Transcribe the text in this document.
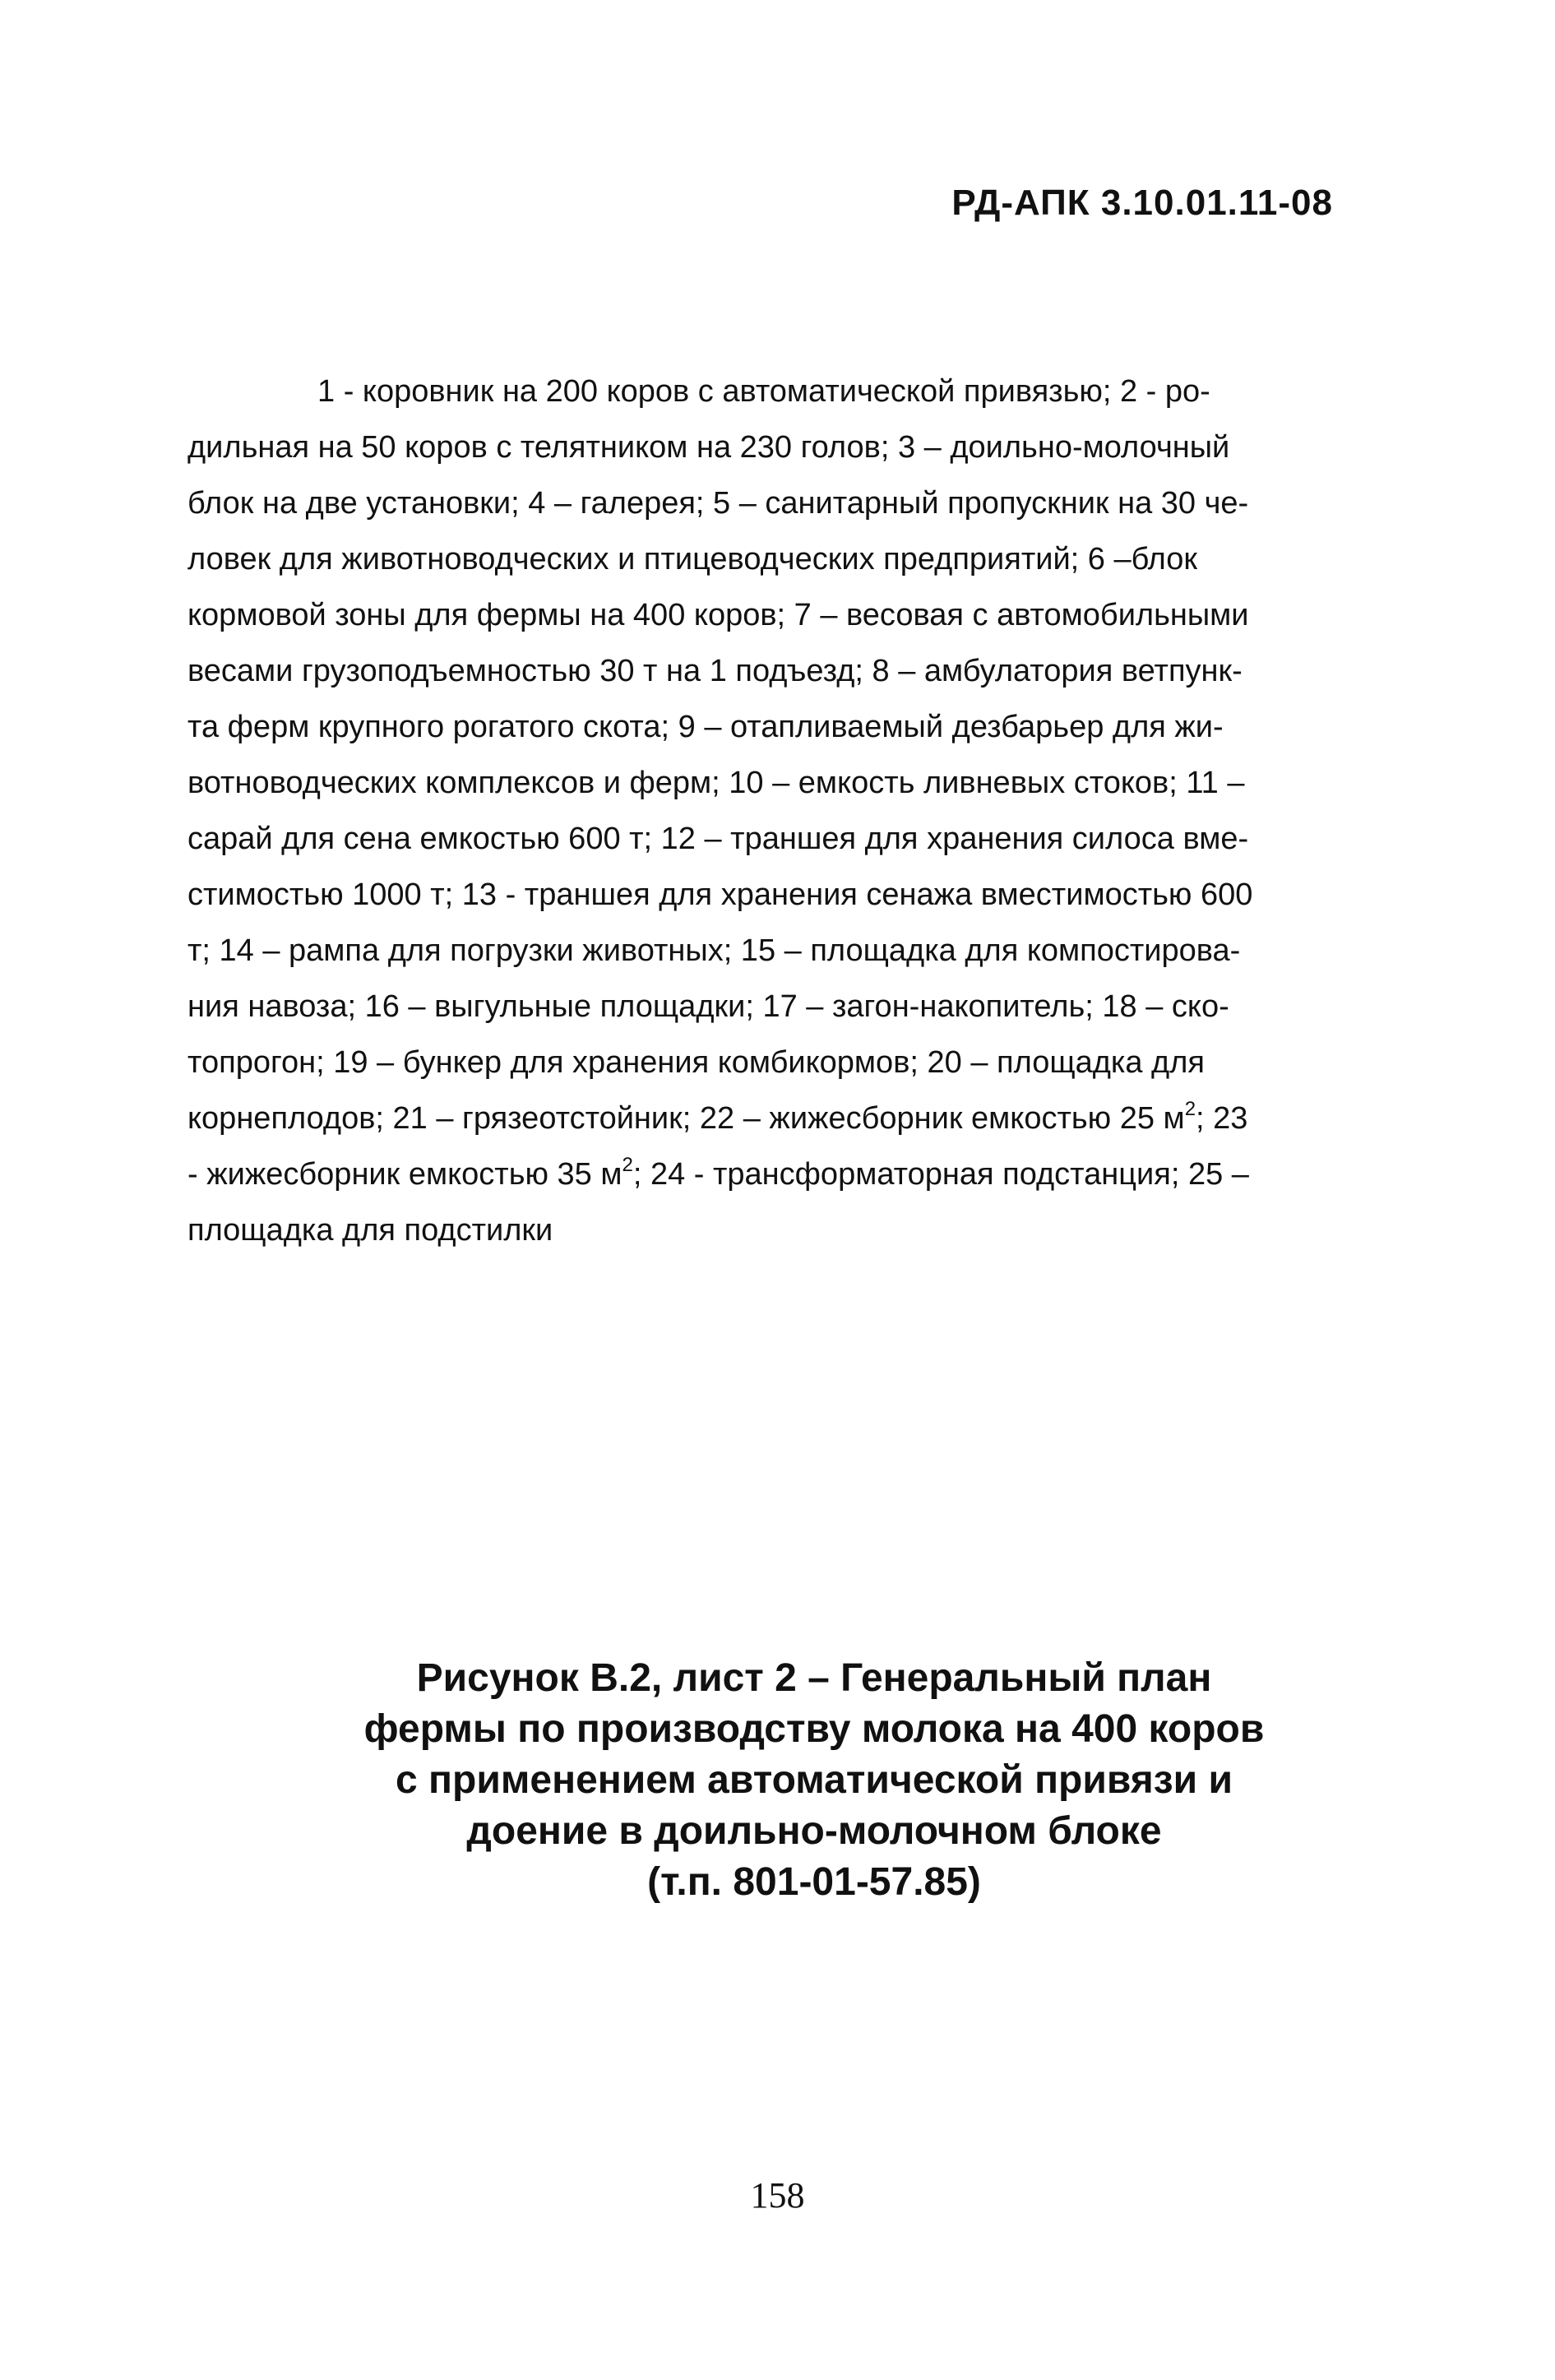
РД-АПК 3.10.01.11-08
1 - коровник на 200 коров с автоматической привязью; 2 - ро-
дильная на 50 коров с телятником на 230 голов; 3 – доильно-молочный
блок на две установки; 4 – галерея; 5 – санитарный пропускник на 30 че-
ловек для животноводческих и птицеводческих предприятий; 6 –блок
кормовой зоны для фермы на 400 коров; 7 – весовая с автомобильными
весами грузоподъемностью 30 т на 1 подъезд; 8 – амбулатория ветпунк-
та ферм крупного рогатого скота; 9 – отапливаемый дезбарьер для жи-
вотноводческих комплексов и ферм; 10 – емкость ливневых стоков; 11 –
сарай для сена емкостью 600 т; 12 – траншея для хранения силоса вме-
стимостью 1000 т; 13 - траншея для хранения сенажа вместимостью 600
т; 14 – рампа для погрузки животных; 15 – площадка для компостирова-
ния навоза; 16 – выгульные площадки; 17 – загон-накопитель; 18 – ско-
топрогон; 19 – бункер для хранения комбикормов; 20 – площадка для
корнеплодов; 21 – грязеотстойник; 22 – жижесборник емкостью 25 $м^2$; 23
- жижесборник емкостью 35 $м^2$; 24 - трансформаторная подстанция; 25 –
площадка для подстилки
Рисунок В.2, лист 2 – Генеральный план
фермы по производству молока на 400 коров
с применением автоматической привязи и
доение в доильно-молочном блоке
(т.п. 801-01-57.85)
158
